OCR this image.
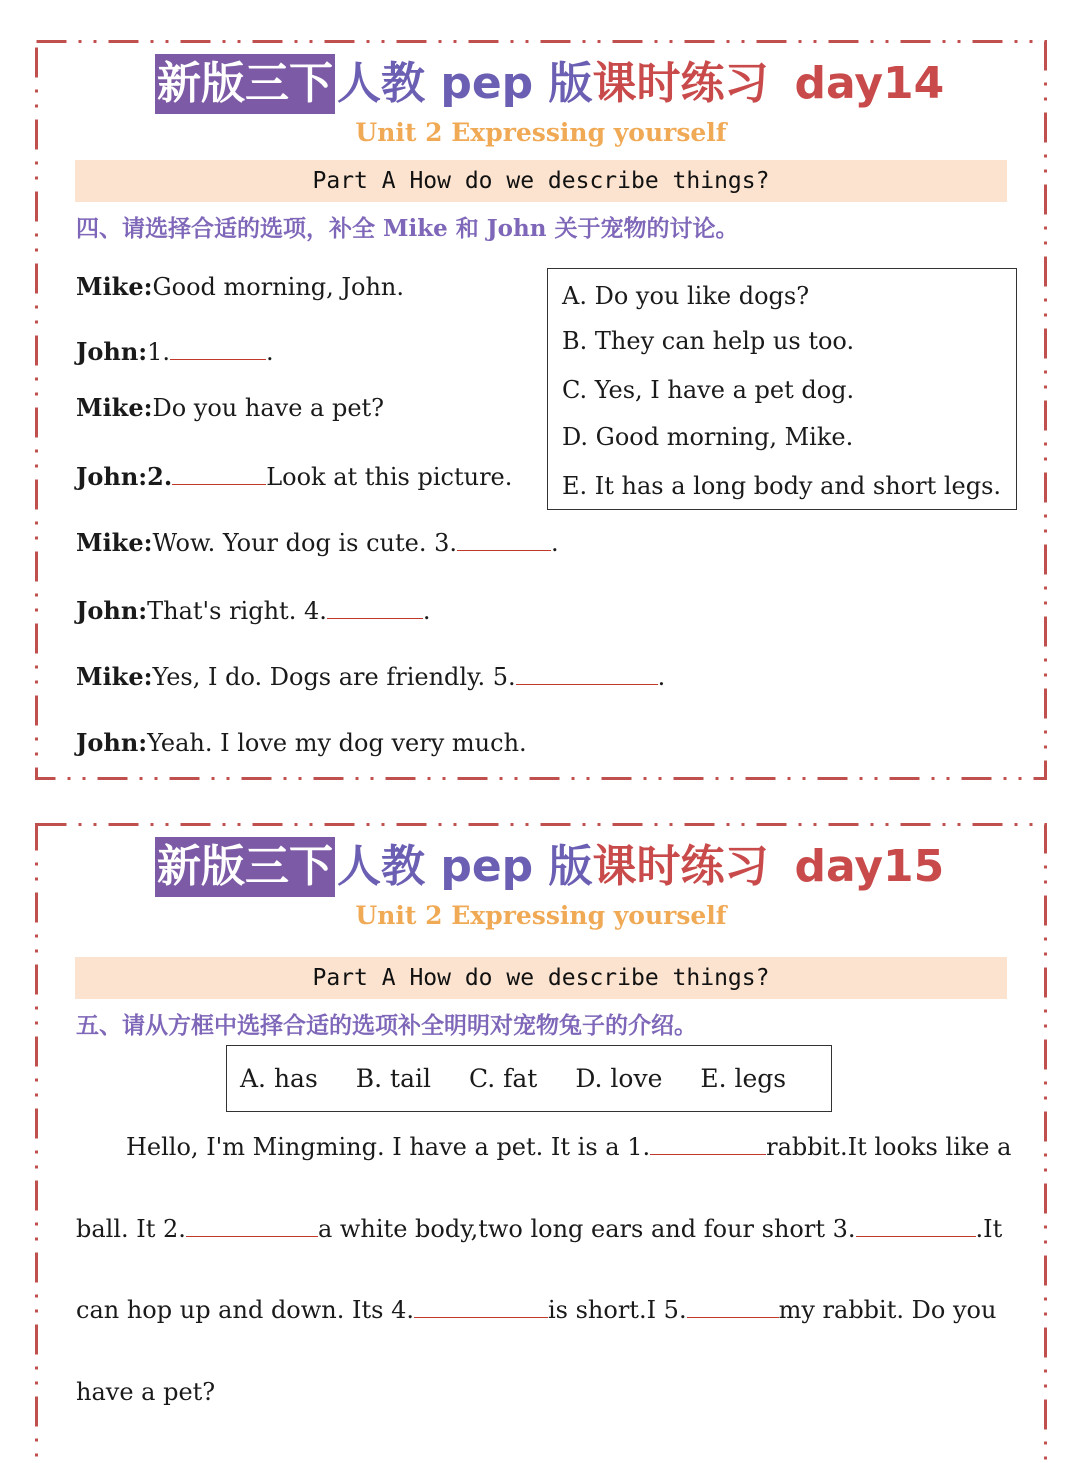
新版三下 人教 pep 版 课时练习 day14
Unit 2 Expressing yourself
Part A How do we describe things?
四、请选择合适的选项，补全 Mike 和 John 关于宠物的讨论。
Mike:Good morning, John.
John:1.	.
Mike:Do you have a pet?
John:2.	Look at this picture.
Mike:Wow. Your dog is cute. 3.	.
John:That's right. 4.	.
Mike:Yes, I do. Dogs are friendly. 5.	.
John:Yeah. I love my dog very much.
A. Do you like dogs?
B. They can help us too.
C. Yes, I have a pet dog.
D. Good morning, Mike.
E. It has a long body and short legs.
新版三下 人教 pep 版 课时练习 day15
Unit 2 Expressing yourself
Part A How do we describe things?
五、请从方框中选择合适的选项补全明明对宠物兔子的介绍。
A. has B. tail C. fat D. love E. legs
Hello, I'm Mingming. I have a pet. It is a 1.	rabbit.It looks like a
ball. It 2.	a white body,two long ears and four short 3.	.It
can hop up and down. Its 4.	is short.I 5.	my rabbit. Do you
have a pet?
